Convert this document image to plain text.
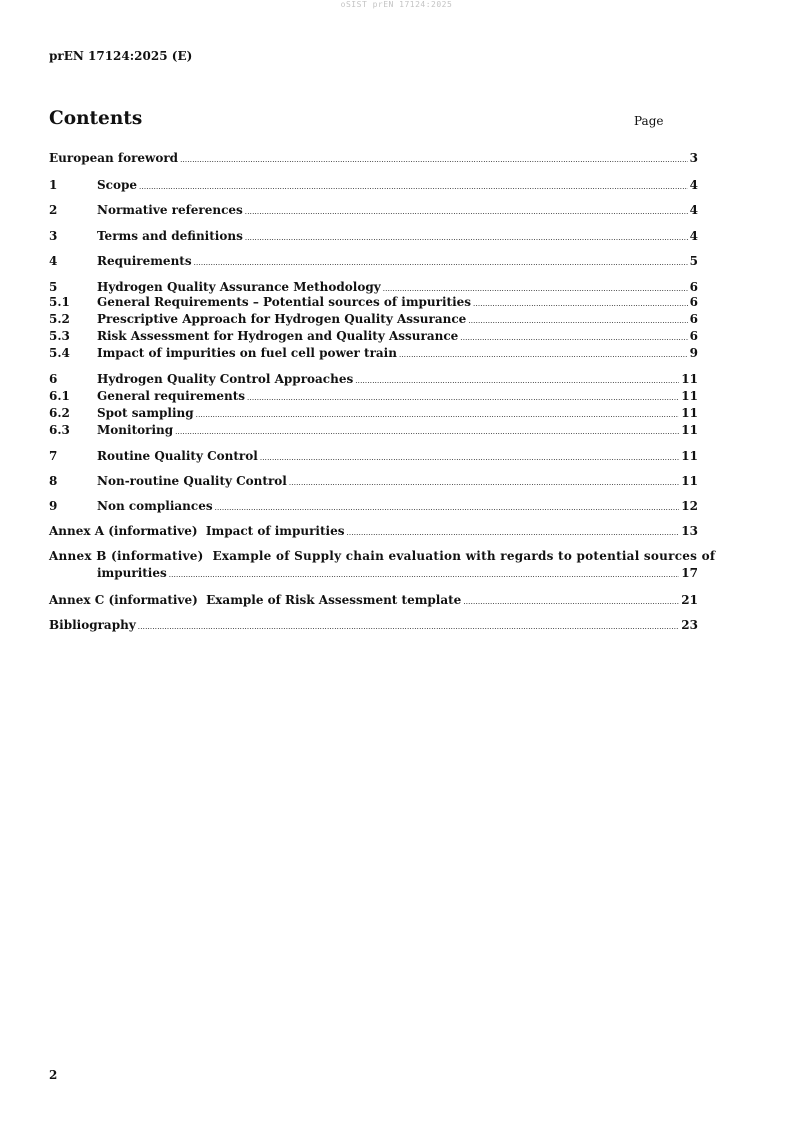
oSIST prEN 17124:2025
prEN 17124:2025 (E)
Contents	Page
European foreword .....	3
1	Scope .....	4
2	Normative references .....	4
3	Terms and definitions .....	4
4	Requirements .....	5
5	Hydrogen Quality Assurance Methodology .....	6
5.1	General Requirements – Potential sources of impurities .....	6
5.2	Prescriptive Approach for Hydrogen Quality Assurance .....	6
5.3	Risk Assessment for Hydrogen and Quality Assurance .....	6
5.4	Impact of impurities on fuel cell power train .....	9
6	Hydrogen Quality Control Approaches .....	11
6.1	General requirements .....	11
6.2	Spot sampling .....	11
6.3	Monitoring .....	11
7	Routine Quality Control .....	11
8	Non-routine Quality Control .....	11
9	Non compliances .....	12
Annex A (informative)  Impact of impurities .....	13
Annex B (informative)  Example of Supply chain evaluation with regards to potential sources of
impurities .....	17
Annex C (informative)  Example of Risk Assessment template .....	21
Bibliography .....	23
2
